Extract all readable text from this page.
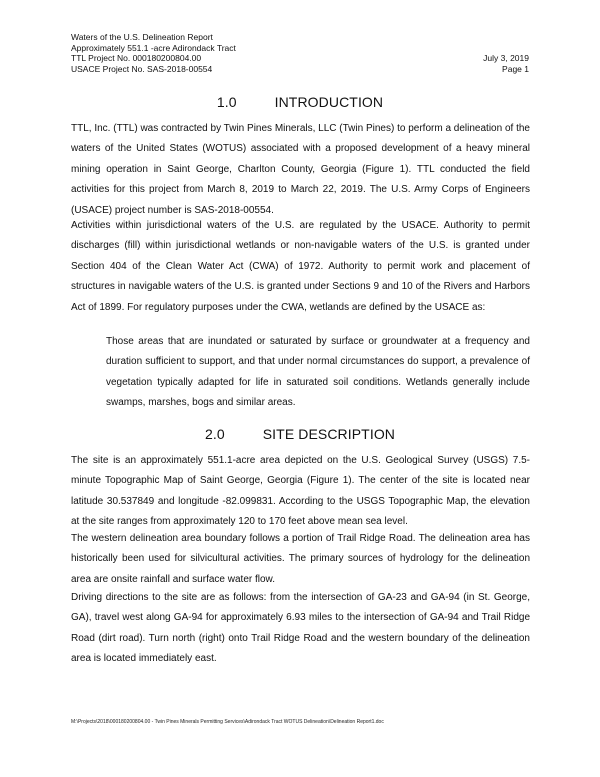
Waters of the U.S. Delineation Report
Approximately 551.1 -acre Adirondack Tract
TTL Project No. 000180200804.00	July 3, 2019
USACE Project No. SAS-2018-00554	Page 1
1.0	INTRODUCTION

TTL, Inc. (TTL) was contracted by Twin Pines Minerals, LLC (Twin Pines) to perform a delineation of the waters of the United States (WOTUS) associated with a proposed development of a heavy mineral mining operation in Saint George, Charlton County, Georgia (Figure 1). TTL conducted the field activities for this project from March 8, 2019 to March 22, 2019. The U.S. Army Corps of Engineers (USACE) project number is SAS-2018-00554.

Activities within jurisdictional waters of the U.S. are regulated by the USACE. Authority to permit discharges (fill) within jurisdictional wetlands or non-navigable waters of the U.S. is granted under Section 404 of the Clean Water Act (CWA) of 1972. Authority to permit work and placement of structures in navigable waters of the U.S. is granted under Sections 9 and 10 of the Rivers and Harbors Act of 1899. For regulatory purposes under the CWA, wetlands are defined by the USACE as:

Those areas that are inundated or saturated by surface or groundwater at a frequency and duration sufficient to support, and that under normal circumstances do support, a prevalence of vegetation typically adapted for life in saturated soil conditions. Wetlands generally include swamps, marshes, bogs and similar areas.

2.0	SITE DESCRIPTION

The site is an approximately 551.1-acre area depicted on the U.S. Geological Survey (USGS) 7.5-minute Topographic Map of Saint George, Georgia (Figure 1). The center of the site is located near latitude 30.537849 and longitude -82.099831. According to the USGS Topographic Map, the elevation at the site ranges from approximately 120 to 170 feet above mean sea level.

The western delineation area boundary follows a portion of Trail Ridge Road. The delineation area has historically been used for silvicultural activities. The primary sources of hydrology for the delineation area are onsite rainfall and surface water flow.

Driving directions to the site are as follows: from the intersection of GA-23 and GA-94 (in St. George, GA), travel west along GA-94 for approximately 6.93 miles to the intersection of GA-94 and Trail Ridge Road (dirt road). Turn north (right) onto Trail Ridge Road and the western boundary of the delineation area is located immediately east.

M:\Projects\2018\000180200804.00 - Twin Pines Minerals Permitting Services\Adirondack Tract WOTUS Delineation\Delineation Report1.doc
